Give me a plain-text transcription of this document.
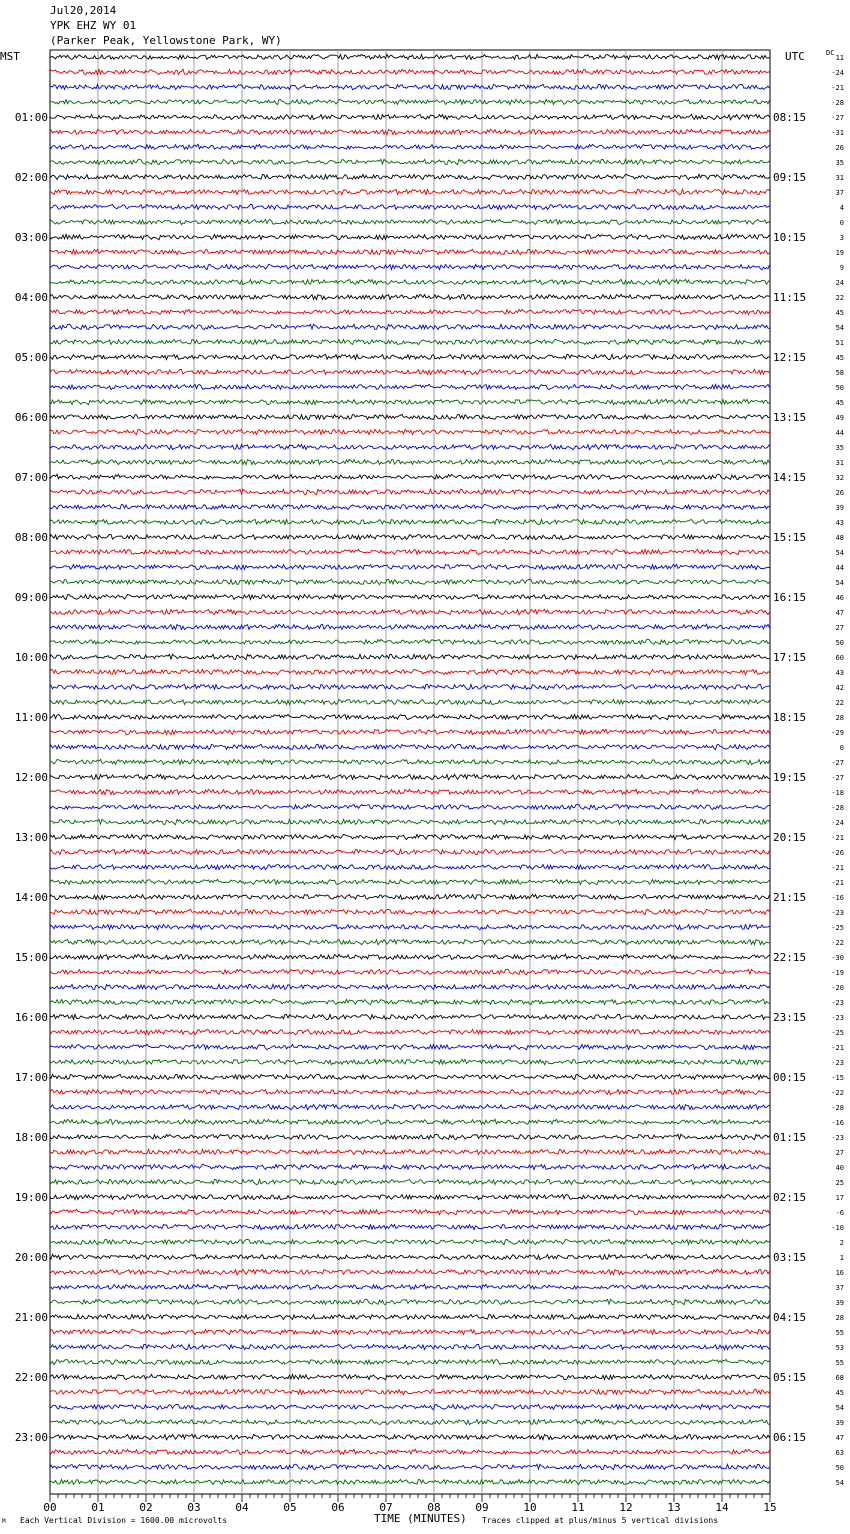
Jul20,2014
YPK EHZ WY 01
(Parker Peak, Yellowstone Park, WY)
MST	UTC	DC
11
-24
-21
-28
-27
-31
26
35
31
37
4
0
3
19
9
24
22
45
54
51
45
58
50
45
49
44
35
31
32
26
39
43
48
54
44
54
46
47
27
50
60
43
42
22
28
-29
0
-27
-27
-18
-28
-24
-21
-26
-21
-21
-16
-23
-25
-22
-30
-19
-20
-23
-23
-25
-21
-23
-15
-22
-28
-16
-23
27
40
25
17
-6
-10
2
1
16
37
39
28
55
53
55
68
45
54
39
47
63
50
54
01:00
02:00
03:00
04:00
05:00
06:00
07:00
08:00
09:00
10:00
11:00
12:00
13:00
14:00
15:00
16:00
17:00
18:00
19:00
20:00
21:00
22:00
23:00
08:15
09:15
10:15
11:15
12:15
13:15
14:15
15:15
16:15
17:15
18:15
19:15
20:15
21:15
22:15
23:15
00:15
01:15
02:15
03:15
04:15
05:15
06:15
00	01	02	03	04	05	06	07	08	09	10	11	12	13	14	15
M Each Vertical Division = 1600.00 microvolts	TIME (MINUTES) Traces clipped at plus/minus 5 vertical divisions
